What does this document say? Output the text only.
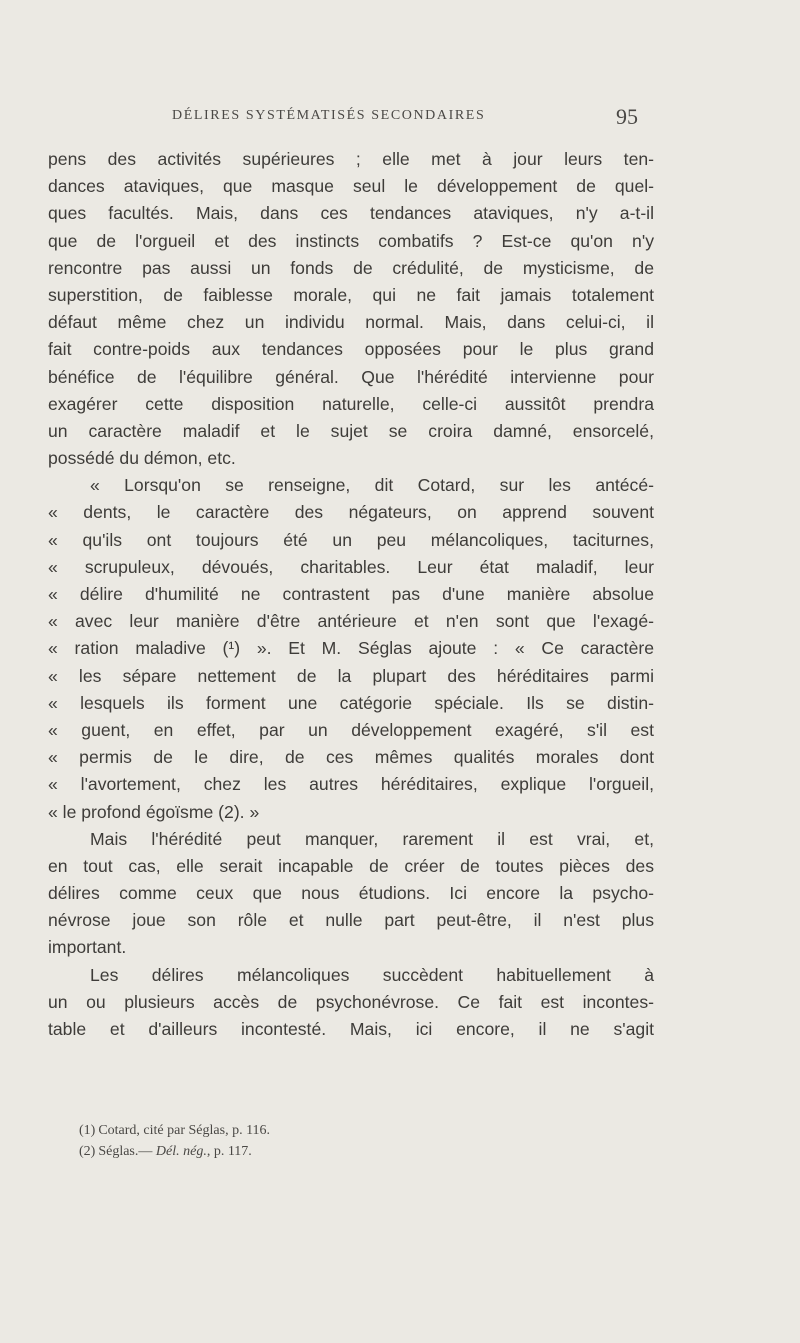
DÉLIRES SYSTÉMATISÉS SECONDAIRES	95
pens des activités supérieures ; elle met à jour leurs ten-
dances ataviques, que masque seul le développement de quel-
ques facultés. Mais, dans ces tendances ataviques, n'y a-t-il
que de l'orgueil et des instincts combatifs ? Est-ce qu'on n'y
rencontre pas aussi un fonds de crédulité, de mysticisme, de
superstition, de faiblesse morale, qui ne fait jamais totalement
défaut même chez un individu normal. Mais, dans celui-ci, il
fait contre-poids aux tendances opposées pour le plus grand
bénéfice de l'équilibre général. Que l'hérédité intervienne pour
exagérer cette disposition naturelle, celle-ci aussitôt prendra
un caractère maladif et le sujet se croira damné, ensorcelé,
possédé du démon, etc.
« Lorsqu'on se renseigne, dit Cotard, sur les antécé-
« dents, le caractère des négateurs, on apprend souvent
« qu'ils ont toujours été un peu mélancoliques, taciturnes,
« scrupuleux, dévoués, charitables. Leur état maladif, leur
« délire d'humilité ne contrastent pas d'une manière absolue
« avec leur manière d'être antérieure et n'en sont que l'exagé-
« ration maladive (¹) ». Et M. Séglas ajoute : « Ce caractère
« les sépare nettement de la plupart des héréditaires parmi
« lesquels ils forment une catégorie spéciale. Ils se distin-
« guent, en effet, par un développement exagéré, s'il est
« permis de le dire, de ces mêmes qualités morales dont
« l'avortement, chez les autres héréditaires, explique l'orgueil,
« le profond égoïsme (2). »
Mais l'hérédité peut manquer, rarement il est vrai, et,
en tout cas, elle serait incapable de créer de toutes pièces des
délires comme ceux que nous étudions. Ici encore la psycho-
névrose joue son rôle et nulle part peut-être, il n'est plus
important.
Les délires mélancoliques succèdent habituellement à
un ou plusieurs accès de psychonévrose. Ce fait est incontes-
table et d'ailleurs incontesté. Mais, ici encore, il ne s'agit
(1) Cotard, cité par Séglas, p. 116.
(2) Séglas.— Dél. nég., p. 117.
